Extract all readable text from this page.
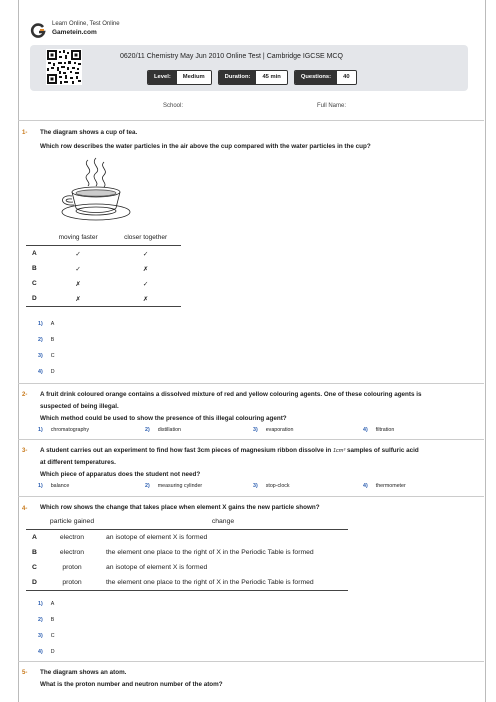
Learn Online, Test Online
Gametein.com
0620/11 Chemistry May Jun 2010 Online Test | Cambridge IGCSE MCQ
Level:	Medium	Duration:	45 min	Questions:	40
School:	Full Name:
1- The diagram shows a cup of tea.
Which row describes the water particles in the air above the cup compared with the water particles in the cup?
	moving faster	closer together
A	✓	✓
B	✓	✗
C	✗	✓
D	✗	✗
1) A
2) B
3) C
4) D
2- A fruit drink coloured orange contains a dissolved mixture of red and yellow colouring agents. One of these colouring agents is
suspected of being illegal.
Which method could be used to show the presence of this illegal colouring agent?
1) chromatography	2) distillation	3) evaporation	4) filtration
3- A student carries out an experiment to find how fast 3cm pieces of magnesium ribbon dissolve in 1cm³ samples of sulfuric acid
at different temperatures.
Which piece of apparatus does the student not need?
1) balance	2) measuring cylinder	3) stop-clock	4) thermometer
4- Which row shows the change that takes place when element X gains the new particle shown?
	particle gained	change
A	electron	an isotope of element X is formed
B	electron	the element one place to the right of X in the Periodic Table is formed
C	proton	an isotope of element X is formed
D	proton	the element one place to the right of X in the Periodic Table is formed
1) A
2) B
3) C
4) D
5- The diagram shows an atom.
What is the proton number and neutron number of the atom?
